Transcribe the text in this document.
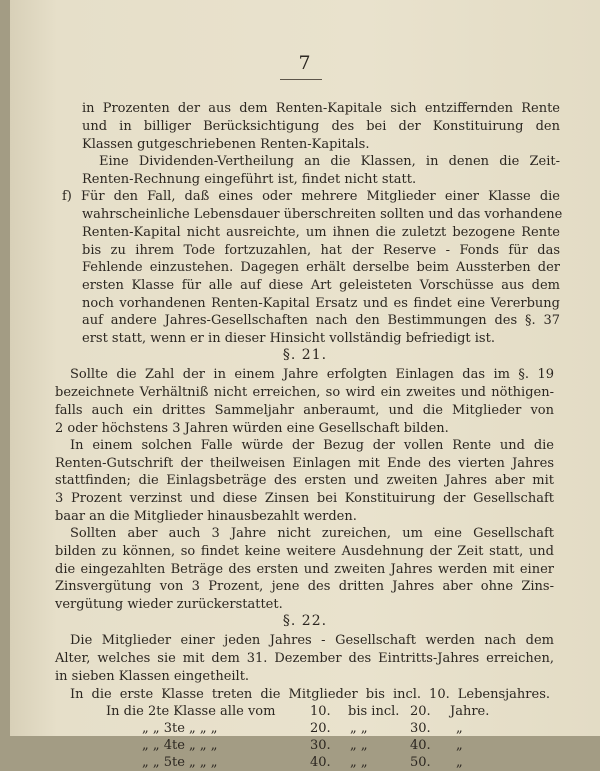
7
in Prozenten der aus dem Renten-Kapitale sich entziffernden Rente
und in billiger Berücksichtigung des bei der Konstituirung den
Klassen gutgeschriebenen Renten-Kapitals.
Eine Dividenden-Vertheilung an die Klassen, in denen die Zeit-
Renten-Rechnung eingeführt ist, findet nicht statt.
f) Für den Fall, daß eines oder mehrere Mitglieder einer Klasse die
wahrscheinliche Lebensdauer überschreiten sollten und das vorhandene
Renten-Kapital nicht ausreichte, um ihnen die zuletzt bezogene Rente
bis zu ihrem Tode fortzuzahlen, hat der Reserve - Fonds für das
Fehlende einzustehen. Dagegen erhält derselbe beim Aussterben der
ersten Klasse für alle auf diese Art geleisteten Vorschüsse aus dem
noch vorhandenen Renten-Kapital Ersatz und es findet eine Vererbung
auf andere Jahres-Gesellschaften nach den Bestimmungen des §. 37
erst statt, wenn er in dieser Hinsicht vollständig befriedigt ist.
§. 21.
Sollte die Zahl der in einem Jahre erfolgten Einlagen das im §. 19
bezeichnete Verhältniß nicht erreichen, so wird ein zweites und nöthigen-
falls auch ein drittes Sammeljahr anberaumt, und die Mitglieder von
2 oder höchstens 3 Jahren würden eine Gesellschaft bilden.
In einem solchen Falle würde der Bezug der vollen Rente und die
Renten-Gutschrift der theilweisen Einlagen mit Ende des vierten Jahres
stattfinden; die Einlagsbeträge des ersten und zweiten Jahres aber mit
3 Prozent verzinst und diese Zinsen bei Konstituirung der Gesellschaft
baar an die Mitglieder hinausbezahlt werden.
Sollten aber auch 3 Jahre nicht zureichen, um eine Gesellschaft
bilden zu können, so findet keine weitere Ausdehnung der Zeit statt, und
die eingezahlten Beträge des ersten und zweiten Jahres werden mit einer
Zinsvergütung von 3 Prozent, jene des dritten Jahres aber ohne Zins-
vergütung wieder zurückerstattet.
§. 22.
Die Mitglieder einer jeden Jahres - Gesellschaft werden nach dem
Alter, welches sie mit dem 31. Dezember des Eintritts-Jahres erreichen,
in sieben Klassen eingetheilt.
In die erste Klasse treten die Mitglieder bis incl. 10. Lebensjahres.
In die 2te Klasse alle vom	10. bis incl. 20. Jahre.
„ „ 3te „ „ „	20. „ „	30. „
„ „ 4te „ „ „	30. „ „	40. „
„ „ 5te „ „ „	40. „ „	50. „
